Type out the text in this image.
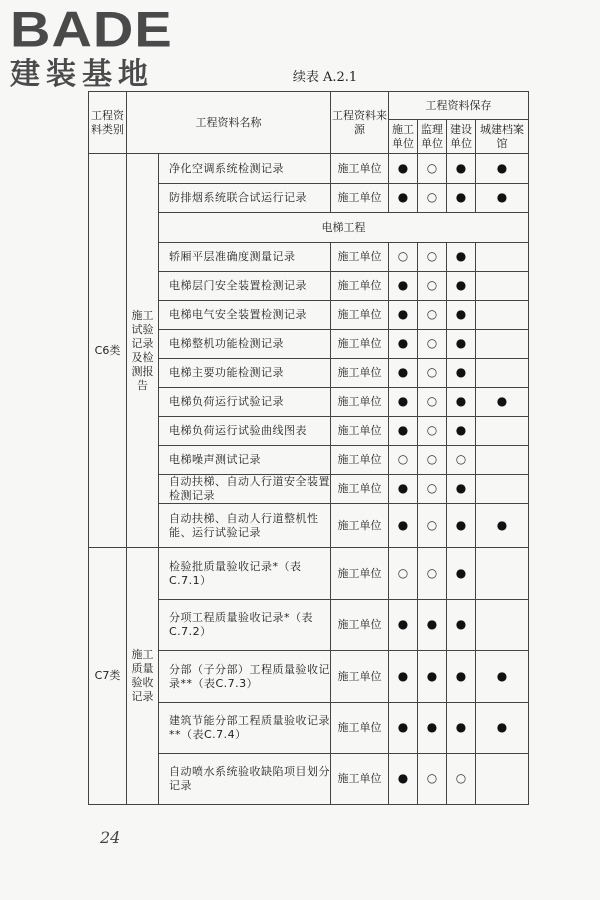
BADE
建装基地	续表 A.2.1
工程资料类别	工程资料名称		工程资料来源	工程资料保存			
				施工单位	监理单位	建设单位	城建档案馆
C6类	施工试验记录及检测报告	净化空调系统检测记录	施工单位	●	○	●	●
		防排烟系统联合试运行记录	施工单位	●	○	●	●
		电梯工程					
		轿厢平层准确度测量记录	施工单位	○	○	●	
		电梯层门安全装置检测记录	施工单位	●	○	●	
		电梯电气安全装置检测记录	施工单位	●	○	●	
		电梯整机功能检测记录	施工单位	●	○	●	
		电梯主要功能检测记录	施工单位	●	○	●	
		电梯负荷运行试验记录	施工单位	●	○	●	●
		电梯负荷运行试验曲线图表	施工单位	●	○	●	
		电梯噪声测试记录	施工单位	○	○	○	
		自动扶梯、自动人行道安全装置检测记录	施工单位	●	○	●	
		自动扶梯、自动人行道整机性能、运行试验记录	施工单位	●	○	●	●
C7类	施工质量验收记录	检验批质量验收记录*（表C.7.1）	施工单位	○	○	●	
		分项工程质量验收记录*（表C.7.2）	施工单位	●	●	●	
		分部（子分部）工程质量验收记录**（表C.7.3）	施工单位	●	●	●	●
		建筑节能分部工程质量验收记录**（表C.7.4）	施工单位	●	●	●	●
		自动喷水系统验收缺陷项目划分记录	施工单位	●	○	○	
24
